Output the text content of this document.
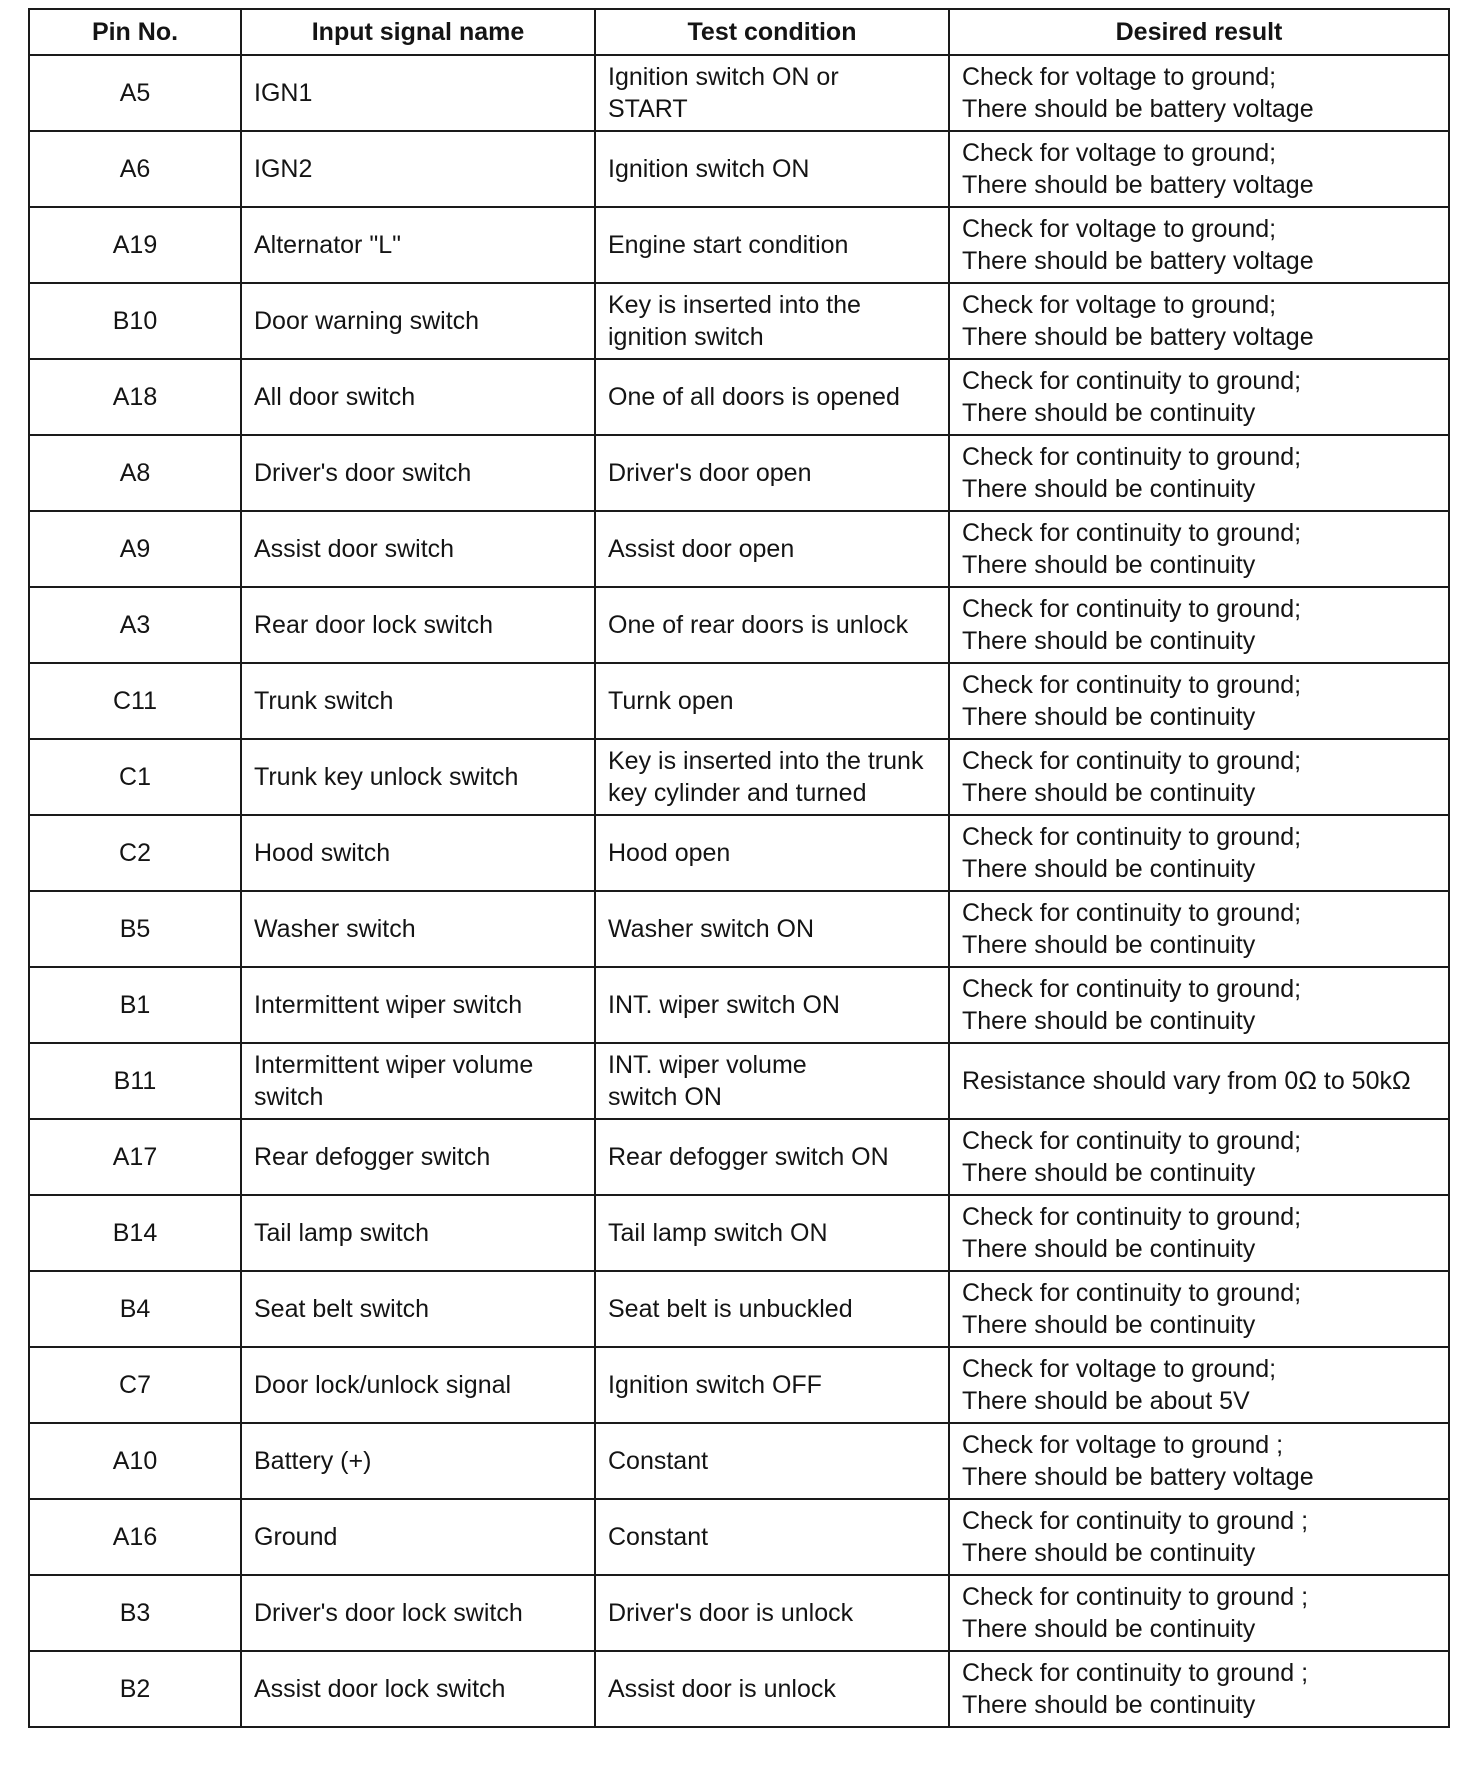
Pin No.	Input signal name	Test condition	Desired result
A5	IGN1	Ignition switch ON or
START	Check for voltage to ground;
There should be battery voltage

A6	IGN2	Ignition switch ON	Check for voltage to ground;
There should be battery voltage

A19	Alternator "L"	Engine start condition	Check for voltage to ground;
There should be battery voltage

B10	Door warning switch	Key is inserted into the
ignition switch	Check for voltage to ground;
There should be battery voltage

A18	All door switch	One of all doors is opened	Check for continuity to ground;
There should be continuity

A8	Driver's door switch	Driver's door open	Check for continuity to ground;
There should be continuity

A9	Assist door switch	Assist door open	Check for continuity to ground;
There should be continuity

A3	Rear door lock switch	One of rear doors is unlock	Check for continuity to ground;
There should be continuity

C11	Trunk switch	Turnk open	Check for continuity to ground;
There should be continuity

C1	Trunk key unlock switch	Key is inserted into the trunk
key cylinder and turned	Check for continuity to ground;
There should be continuity

C2	Hood switch	Hood open	Check for continuity to ground;
There should be continuity

B5	Washer switch	Washer switch ON	Check for continuity to ground;
There should be continuity

B1	Intermittent wiper switch	INT. wiper switch ON	Check for continuity to ground;
There should be continuity

B11	Intermittent wiper volume
switch	INT. wiper volume
switch ON	Resistance should vary from 0Ω to 50kΩ

A17	Rear defogger switch	Rear defogger switch ON	Check for continuity to ground;
There should be continuity

B14	Tail lamp switch	Tail lamp switch ON	Check for continuity to ground;
There should be continuity

B4	Seat belt switch	Seat belt is unbuckled	Check for continuity to ground;
There should be continuity

C7	Door lock/unlock signal	Ignition switch OFF	Check for voltage to ground;
There should be about 5V

A10	Battery (+)	Constant	Check for voltage to ground ;
There should be battery voltage

A16	Ground	Constant	Check for continuity to ground ;
There should be continuity

B3	Driver's door lock switch	Driver's door is unlock	Check for continuity to ground ;
There should be continuity

B2	Assist door lock switch	Assist door is unlock	Check for continuity to ground ;
There should be continuity
